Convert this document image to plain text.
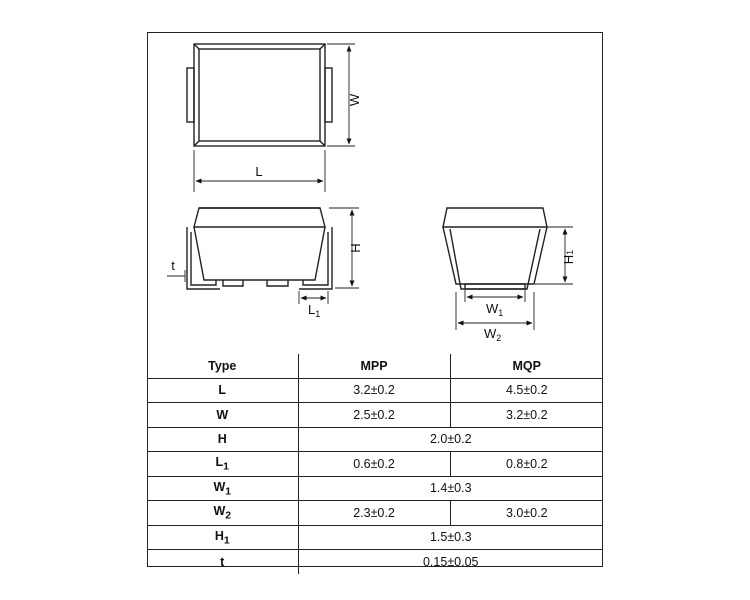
W
L
H
t
$L_1$
H1
$W_1$
$W_2$
Type	MPP	MQP
L	3.2±0.2	4.5±0.2
W	2.5±0.2	3.2±0.2
H	2.0±0.2	
$L_1$	0.6±0.2	0.8±0.2
$W_1$	1.4±0.3	
$W_2$	2.3±0.2	3.0±0.2
$H_1$	1.5±0.3	
t	0.15±0.05	
